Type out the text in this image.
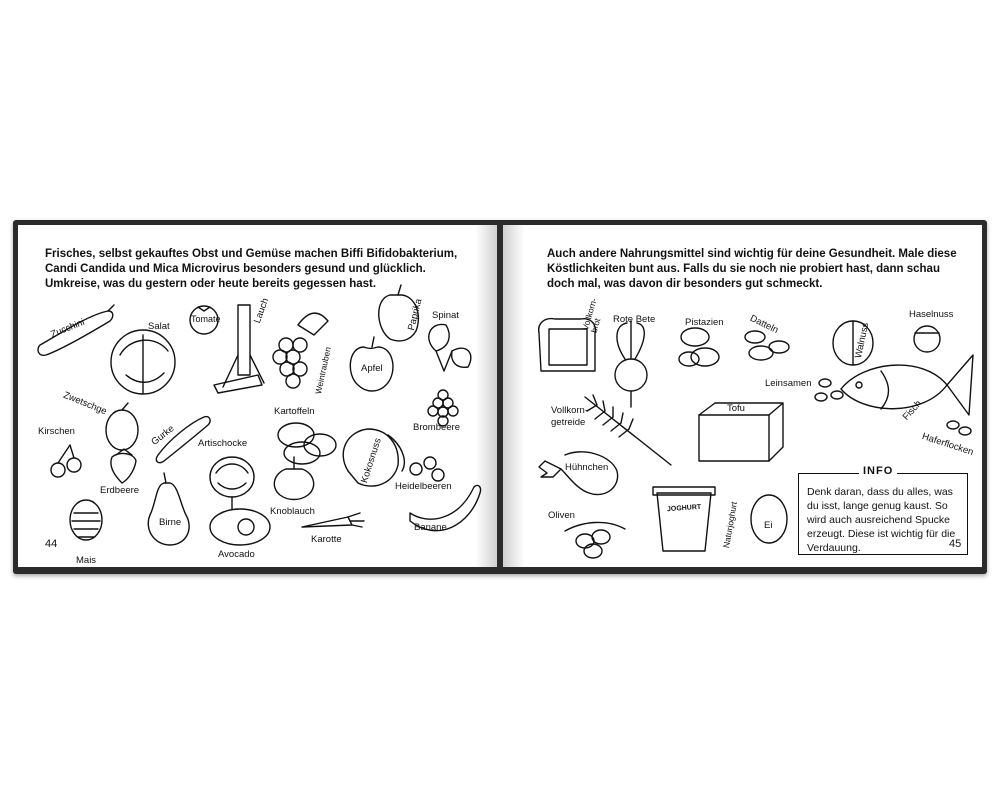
Frisches, selbst gekauftes Obst und Gemüse machen Biffi Bifidobakterium, Candi Candida und Mica Microvirus besonders gesund und glücklich. Umkreise, was du gestern oder heute bereits gegessen hast.
Zucchini	Salat
Tomate	Lauch
Weintrauben
Paprika Spinat
Apfel
Zwetschge
Kirschen	Gurke Artischocke
Kartoffeln
Brombeere
Kokosnuss
Erdbeere	Heidelbeeren
Knoblauch
Birne
44
Mais
Avocado
Karotte
Banane
Auch andere Nahrungsmittel sind wichtig für deine Gesundheit. Male diese Köstlichkeiten bunt aus. Falls du sie noch nie probiert hast, dann schau doch mal, was davon dir besonders gut schmeckt.
Vollkorn-brot	Rote Bete	Pistazien	Datteln	Walnuss
Haselnuss
Leinsamen
Fisch
Vollkorn-getreide
Tofu
Haferflocken
Hühnchen
JOGHURT Naturjoghurt	Ei
Oliven
INFO
Denk daran, dass du alles, was du isst, lange genug kaust. So wird auch ausreichend Spucke erzeugt. Diese ist wichtig für die Verdauung.	45
